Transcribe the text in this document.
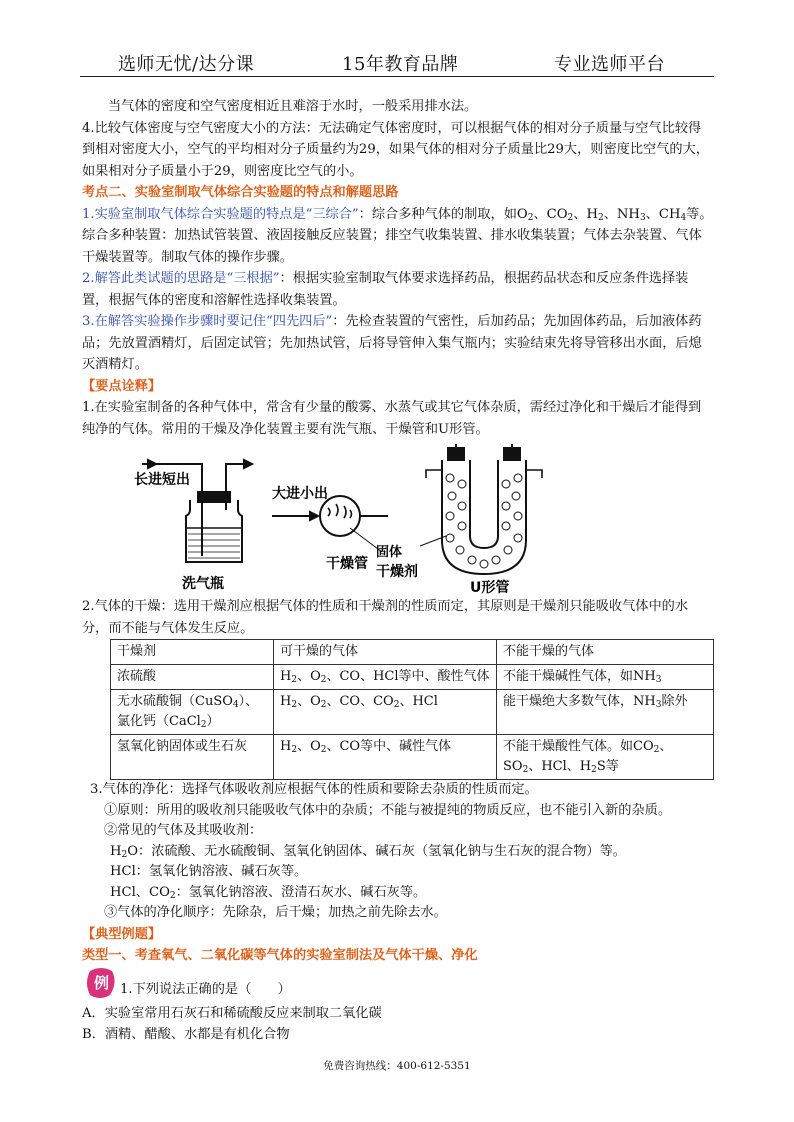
选师无忧/达分课	15年教育品牌	专业选师平台

当气体的密度和空气密度相近且难溶于水时，一般采用排水法。

4.比较气体密度与空气密度大小的方法：无法确定气体密度时，可以根据气体的相对分子质量与空气比较得到相对密度大小，空气的平均相对分子质量约为29，如果气体的相对分子质量比29大，则密度比空气的大，如果相对分子质量小于29，则密度比空气的小。

考点二、实验室制取气体综合实验题的特点和解题思路

1.实验室制取气体综合实验题的特点是“三综合”：综合多种气体的制取，如$O_2$、$CO_2$、$H_2$、$NH_3$、$CH_4$等。综合多种装置：加热试管装置、液固接触反应装置；排空气收集装置、排水收集装置；气体去杂装置、气体干燥装置等。制取气体的操作步骤。

2.解答此类试题的思路是“三根据”：根据实验室制取气体要求选择药品，根据药品状态和反应条件选择装置，根据气体的密度和溶解性选择收集装置。

3.在解答实验操作步骤时要记住“四先四后”：先检查装置的气密性，后加药品；先加固体药品，后加液体药品；先放置酒精灯，后固定试管；先加热试管，后将导管伸入集气瓶内；实验结束先将导管移出水面，后熄灭酒精灯。

【要点诠释】

1.在实验室制备的各种气体中，常含有少量的酸雾、水蒸气或其它气体杂质，需经过净化和干燥后才能得到纯净的气体。常用的干燥及净化装置主要有洗气瓶、干燥管和U形管。

长进短出
洗气瓶
大进小出
干燥管
固体
干燥剂
U形管

2.气体的干燥：选用干燥剂应根据气体的性质和干燥剂的性质而定，其原则是干燥剂只能吸收气体中的水分，而不能与气体发生反应。

干燥剂	可干燥的气体	不能干燥的气体
浓硫酸	$H_2$、$O_2$、CO、HCl等中、酸性气体	不能干燥碱性气体，如$NH_3$
无水硫酸铜（CuSO$_4$）、氯化钙（CaCl$_2$）	$H_2$、$O_2$、CO、$CO_2$、HCl	能干燥绝大多数气体，$NH_3$除外
氢氧化钠固体或生石灰	$H_2$、$O_2$、CO等中、碱性气体	不能干燥酸性气体。如$CO_2$、$SO_2$、HCl、$H_2S$等

3.气体的净化：选择气体吸收剂应根据气体的性质和要除去杂质的性质而定。

①原则：所用的吸收剂只能吸收气体中的杂质；不能与被提纯的物质反应，也不能引入新的杂质。

②常见的气体及其吸收剂：

$H_2O$：浓硫酸、无水硫酸铜、氢氧化钠固体、碱石灰（氢氧化钠与生石灰的混合物）等。

HCl：氢氧化钠溶液、碱石灰等。

HCl、$CO_2$：氢氧化钠溶液、澄清石灰水、碱石灰等。

③气体的净化顺序：先除杂，后干燥；加热之前先除去水。

【典型例题】

类型一、考查氧气、二氧化碳等气体的实验室制法及气体干燥、净化

例 1.下列说法正确的是（　　）

A．实验室常用石灰石和稀硫酸反应来制取二氧化碳

B．酒精、醋酸、水都是有机化合物

免费咨询热线：400-612-5351
